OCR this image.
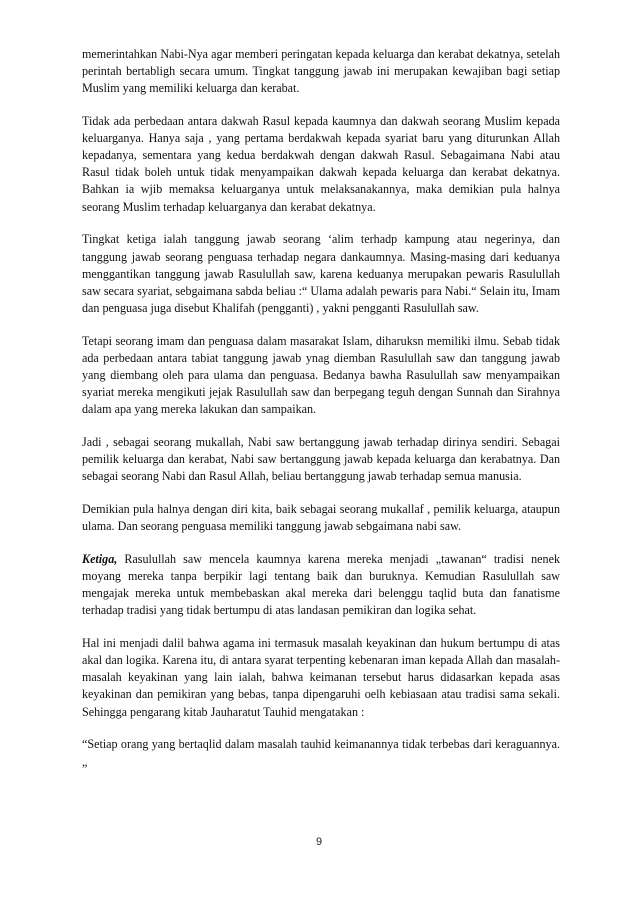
memerintahkan Nabi-Nya agar memberi peringatan kepada keluarga dan kerabat dekatnya, setelah perintah bertabligh secara umum. Tingkat tanggung jawab ini merupakan kewajiban bagi setiap Muslim yang memiliki keluarga dan kerabat.

Tidak ada perbedaan antara dakwah Rasul kepada kaumnya dan dakwah seorang Muslim kepada keluarganya. Hanya saja , yang pertama berdakwah kepada syariat baru yang diturunkan Allah kepadanya, sementara yang kedua berdakwah dengan dakwah Rasul. Sebagaimana Nabi atau Rasul tidak boleh untuk tidak menyampaikan dakwah kepada keluarga dan kerabat dekatnya. Bahkan ia wjib memaksa keluarganya untuk melaksanakannya, maka demikian pula halnya seorang Muslim terhadap keluarganya dan kerabat dekatnya.

Tingkat ketiga ialah tanggung jawab seorang ‘alim terhadp kampung atau negerinya, dan tanggung jawab seorang penguasa terhadap negara dankaumnya. Masing-masing dari keduanya menggantikan tanggung jawab Rasulullah saw, karena keduanya merupakan pewaris Rasulullah saw secara syariat, sebgaimana sabda beliau :“ Ulama adalah pewaris para Nabi.“ Selain itu, Imam dan penguasa juga disebut Khalifah (pengganti) , yakni pengganti Rasulullah saw.

Tetapi seorang imam dan penguasa dalam masarakat Islam, diharuksn memiliki ilmu. Sebab tidak ada perbedaan antara tabiat tanggung jawab ynag diemban Rasulullah saw dan tanggung jawab yang diembang oleh para ulama dan penguasa. Bedanya bawha Rasulullah saw menyampaikan syariat mereka mengikuti jejak Rasulullah saw dan berpegang teguh dengan Sunnah dan Sirahnya dalam apa yang mereka lakukan dan sampaikan.

Jadi , sebagai seorang mukallah, Nabi saw bertanggung jawab terhadap dirinya sendiri. Sebagai pemilik keluarga dan kerabat, Nabi saw bertanggung jawab kepada keluarga dan kerabatnya. Dan sebagai seorang Nabi dan Rasul Allah, beliau bertanggung jawab terhadap semua manusia.

Demikian pula halnya dengan diri kita, baik sebagai seorang mukallaf , pemilik keluarga, ataupun ulama. Dan seorang penguasa memiliki tanggung jawab sebgaimana nabi saw.

Ketiga, Rasulullah saw mencela kaumnya karena mereka menjadi „tawanan“ tradisi nenek moyang mereka tanpa berpikir lagi tentang baik dan buruknya. Kemudian Rasulullah saw mengajak mereka untuk membebaskan akal mereka dari belenggu taqlid buta dan fanatisme terhadap tradisi yang tidak bertumpu di atas landasan pemikiran dan logika sehat.

Hal ini menjadi dalil bahwa agama ini termasuk masalah keyakinan dan hukum bertumpu di atas akal dan logika. Karena itu, di antara syarat terpenting kebenaran iman kepada Allah dan masalah-masalah keyakinan yang lain ialah, bahwa keimanan tersebut harus didasarkan kepada asas keyakinan dan pemikiran yang bebas, tanpa dipengaruhi oelh kebiasaan atau tradisi sama sekali. Sehingga pengarang kitab Jauharatut Tauhid mengatakan :

“Setiap orang yang bertaqlid dalam masalah tauhid keimanannya tidak terbebas dari keraguannya. „

9
